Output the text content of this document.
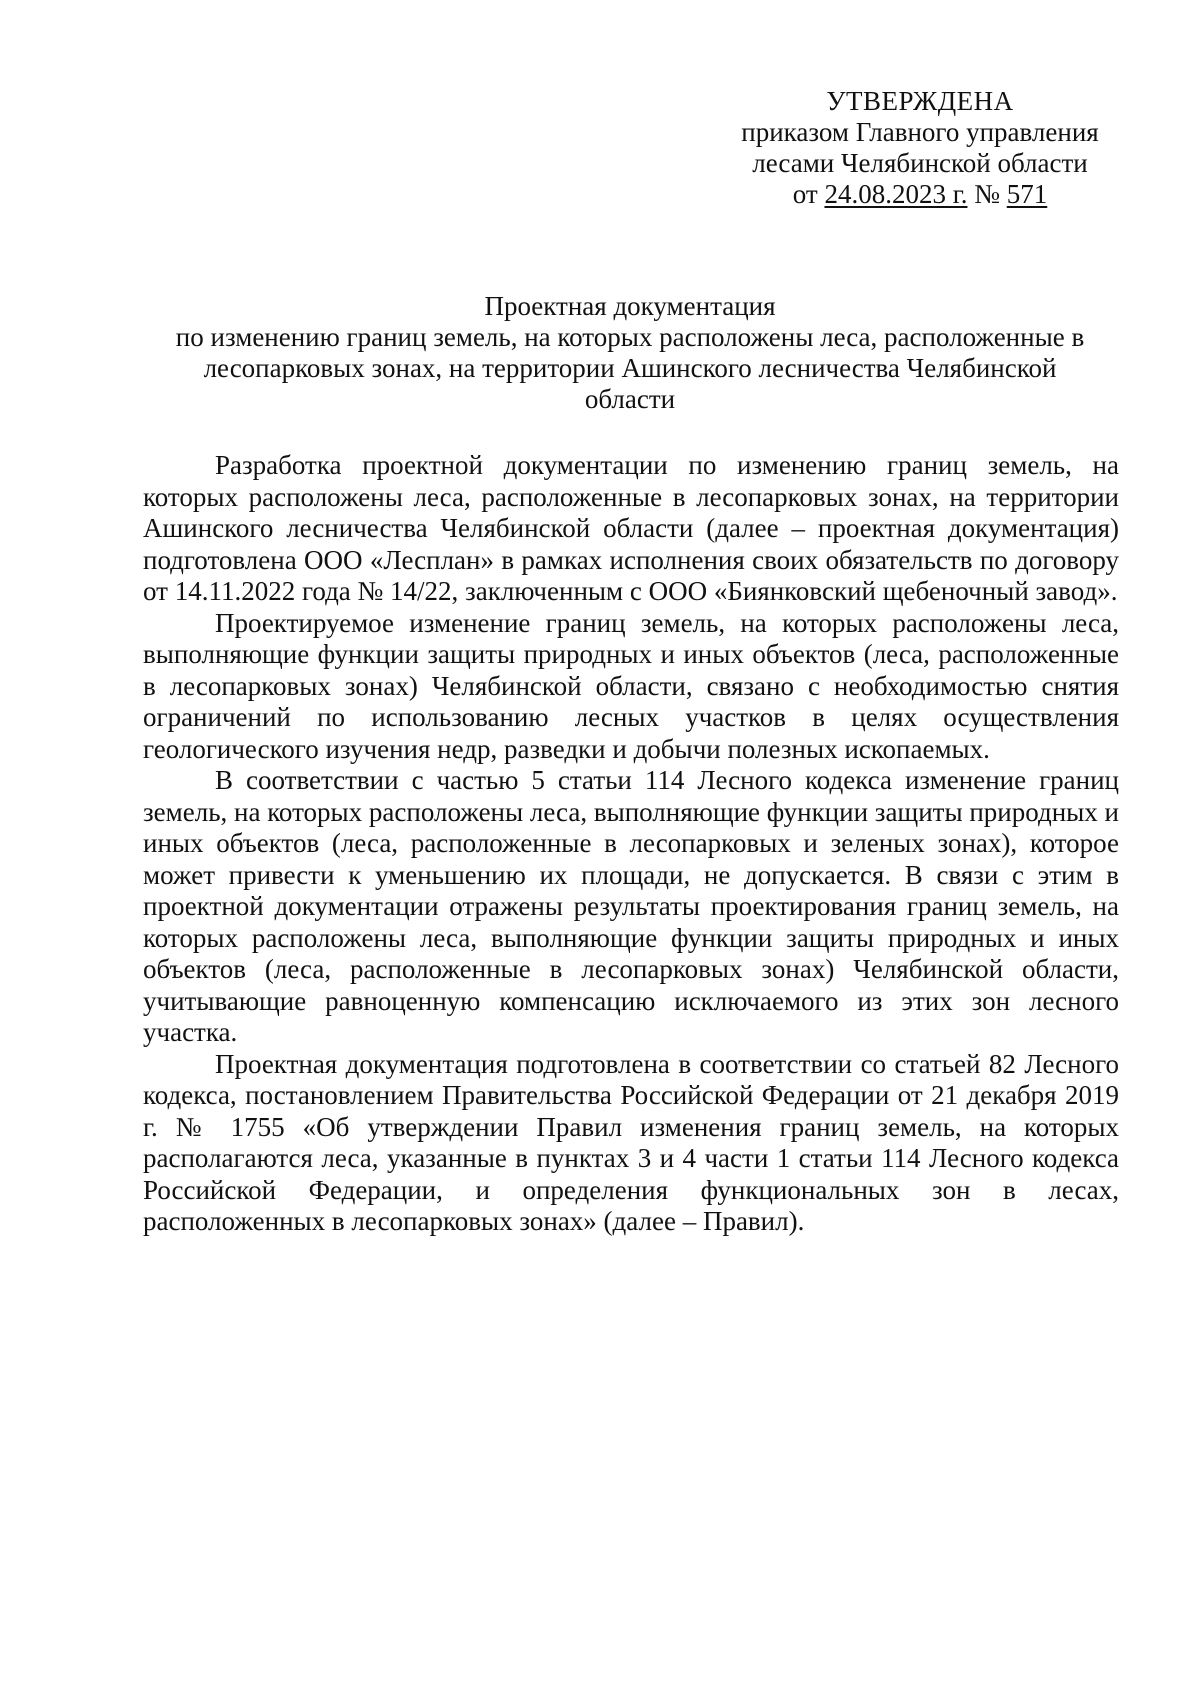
УТВЕРЖДЕНА
приказом Главного управления
лесами Челябинской области
от 24.08.2023 г. № 571
Проектная документация
по изменению границ земель, на которых расположены леса, расположенные в
лесопарковых зонах, на территории Ашинского лесничества Челябинской
области

Разработка проектной документации по изменению границ земель, на которых расположены леса, расположенные в лесопарковых зонах, на территории Ашинского лесничества Челябинской области (далее – проектная документация) подготовлена ООО «Лесплан» в рамках исполнения своих обязательств по договору от 14.11.2022 года № 14/22, заключенным с ООО «Биянковский щебеночный завод».

Проектируемое изменение границ земель, на которых расположены леса, выполняющие функции защиты природных и иных объектов (леса, расположенные в лесопарковых зонах) Челябинской области, связано с необходимостью снятия ограничений по использованию лесных участков в целях осуществления геологического изучения недр, разведки и добычи полезных ископаемых.

В соответствии с частью 5 статьи 114 Лесного кодекса изменение границ земель, на которых расположены леса, выполняющие функции защиты природных и иных объектов (леса, расположенные в лесопарковых и зеленых зонах), которое может привести к уменьшению их площади, не допускается. В связи с этим в проектной документации отражены результаты проектирования границ земель, на которых расположены леса, выполняющие функции защиты природных и иных объектов (леса, расположенные в лесопарковых зонах) Челябинской области, учитывающие равноценную компенсацию исключаемого из этих зон лесного участка.

Проектная документация подготовлена в соответствии со статьей 82 Лесного кодекса, постановлением Правительства Российской Федерации от 21 декабря 2019 г. № 1755 «Об утверждении Правил изменения границ земель, на которых располагаются леса, указанные в пунктах 3 и 4 части 1 статьи 114 Лесного кодекса Российской Федерации, и определения функциональных зон в лесах, расположенных в лесопарковых зонах» (далее – Правил).
